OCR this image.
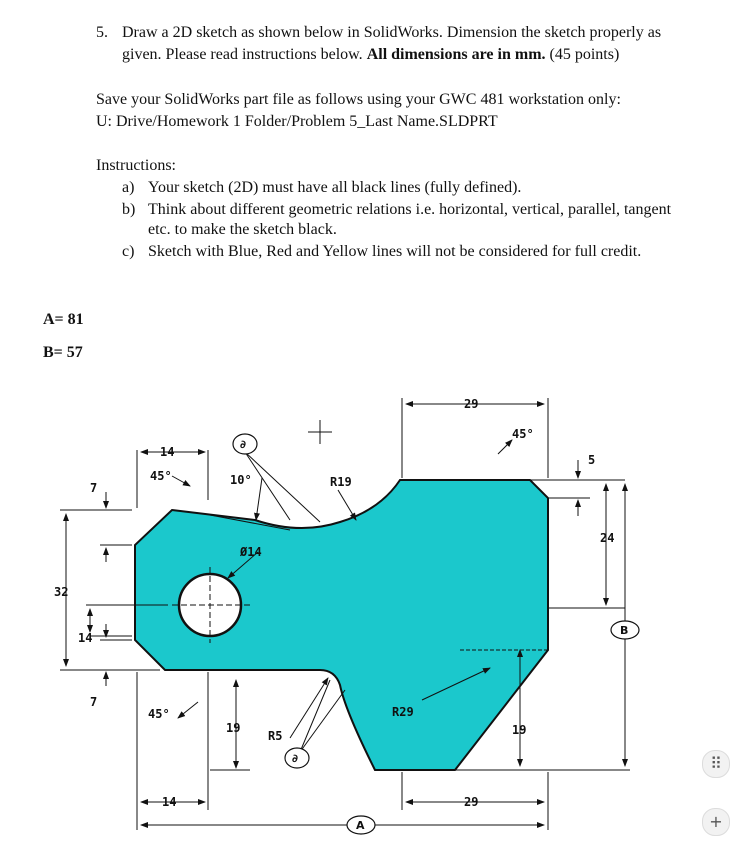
5. Draw a 2D sketch as shown below in SolidWorks. Dimension the sketch properly as
given. Please read instructions below. All dimensions are in mm. (45 points)
Save your SolidWorks part file as follows using your GWC 481 workstation only:
U: Drive/Homework 1 Folder/Problem 5_Last Name.SLDPRT
Instructions:
a) Your sketch (2D) must have all black lines (fully defined).
b) Think about different geometric relations i.e. horizontal, vertical, parallel, tangent
etc. to make the sketch black.
c) Sketch with Blue, Red and Yellow lines will not be considered for full credit.
A= 81
B= 57
14
45°	10°	R19
29
45°
5
24
Ø14
32
14
7
7
45°
19
R5
R29
19
14	29
A
B
∂
∂	⠿
+
